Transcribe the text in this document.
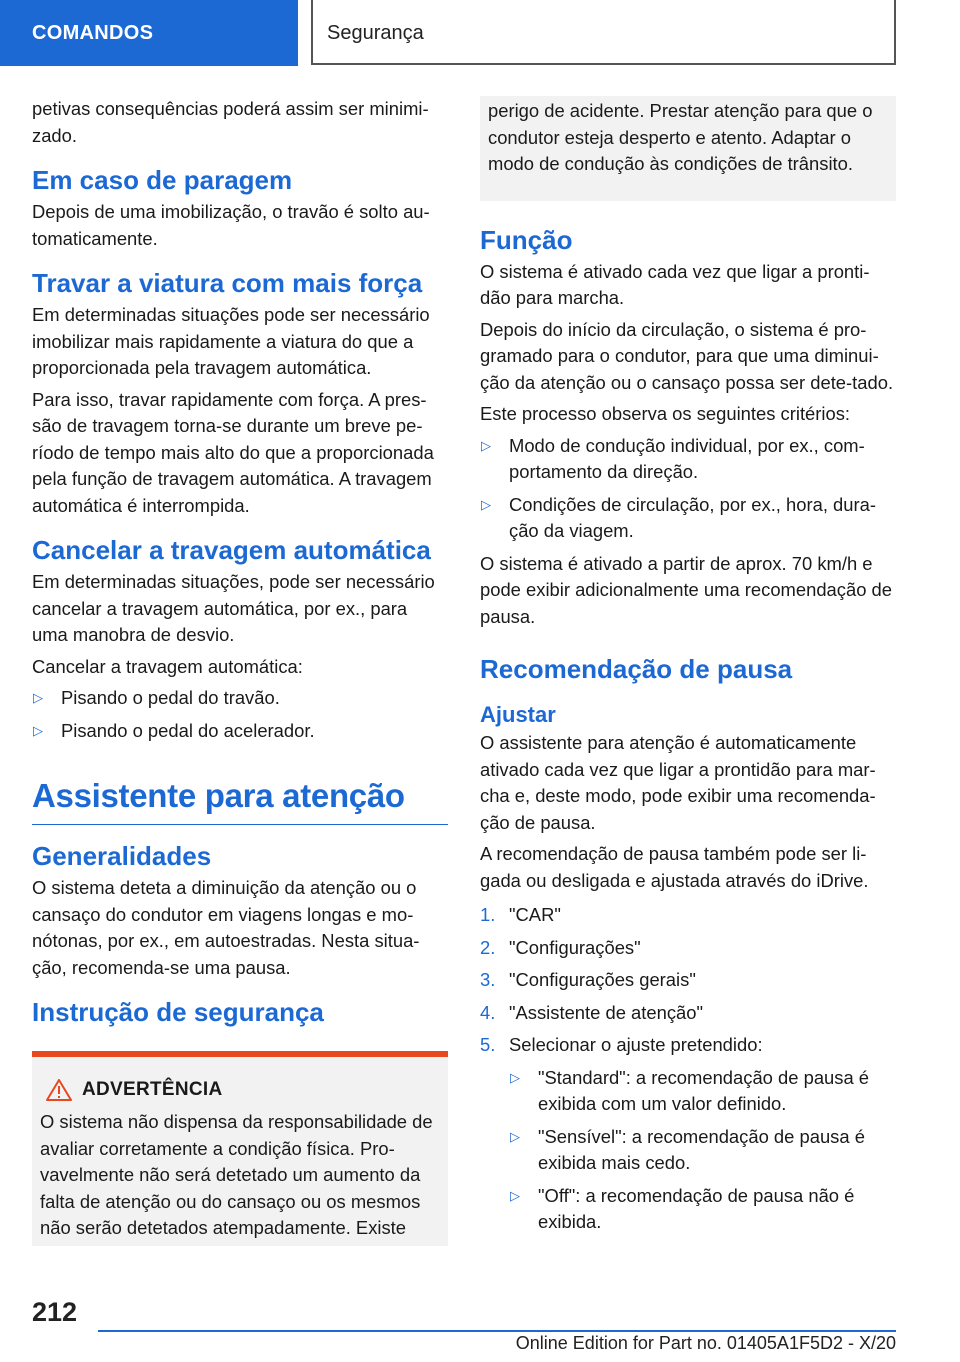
COMANDOS	Segurança

petivas consequências poderá assim ser minimi-zado.

Em caso de paragem

Depois de uma imobilização, o travão é solto au-tomaticamente.

Travar a viatura com mais força

Em determinadas situações pode ser necessário imobilizar mais rapidamente a viatura do que a proporcionada pela travagem automática.

Para isso, travar rapidamente com força. A pres-são de travagem torna-se durante um breve pe-ríodo de tempo mais alto do que a proporcionada pela função de travagem automática. A travagem automática é interrompida.

Cancelar a travagem automática

Em determinadas situações, pode ser necessário cancelar a travagem automática, por ex., para uma manobra de desvio.

Cancelar a travagem automática:

▷ Pisando o pedal do travão.
▷ Pisando o pedal do acelerador.
Assistente para atenção
Generalidades

O sistema deteta a diminuição da atenção ou o cansaço do condutor em viagens longas e mo-nótonas, por ex., em autoestradas. Nesta situa-ção, recomenda-se uma pausa.

Instrução de segurança
ADVERTÊNCIA

O sistema não dispensa da responsabilidade de avaliar corretamente a condição física. Pro-vavelmente não será detetado um aumento da falta de atenção ou do cansaço ou os mesmos não serão detetados atempadamente. Existe

perigo de acidente. Prestar atenção para que o condutor esteja desperto e atento. Adaptar o modo de condução às condições de trânsito.

Função

O sistema é ativado cada vez que ligar a pronti-dão para marcha.

Depois do início da circulação, o sistema é pro-gramado para o condutor, para que uma diminui-ção da atenção ou o cansaço possa ser dete-tado.

Este processo observa os seguintes critérios:

▷ Modo de condução individual, por ex., com-portamento da direção.
▷ Condições de circulação, por ex., hora, dura-ção da viagem.

O sistema é ativado a partir de aprox. 70 km/h e pode exibir adicionalmente uma recomendação de pausa.

Recomendação de pausa
Ajustar

O assistente para atenção é automaticamente ativado cada vez que ligar a prontidão para mar-cha e, deste modo, pode exibir uma recomenda-ção de pausa.

A recomendação de pausa também pode ser li-gada ou desligada e ajustada através do iDrive.

1. "CAR"
2. "Configurações"
3. "Configurações gerais"
4. "Assistente de atenção"
5. Selecionar o ajuste pretendido:
▷ "Standard": a recomendação de pausa é exibida com um valor definido.
▷ "Sensível": a recomendação de pausa é exibida mais cedo.
▷ "Off": a recomendação de pausa não é exibida.
212
Online Edition for Part no. 01405A1F5D2 - X/20
